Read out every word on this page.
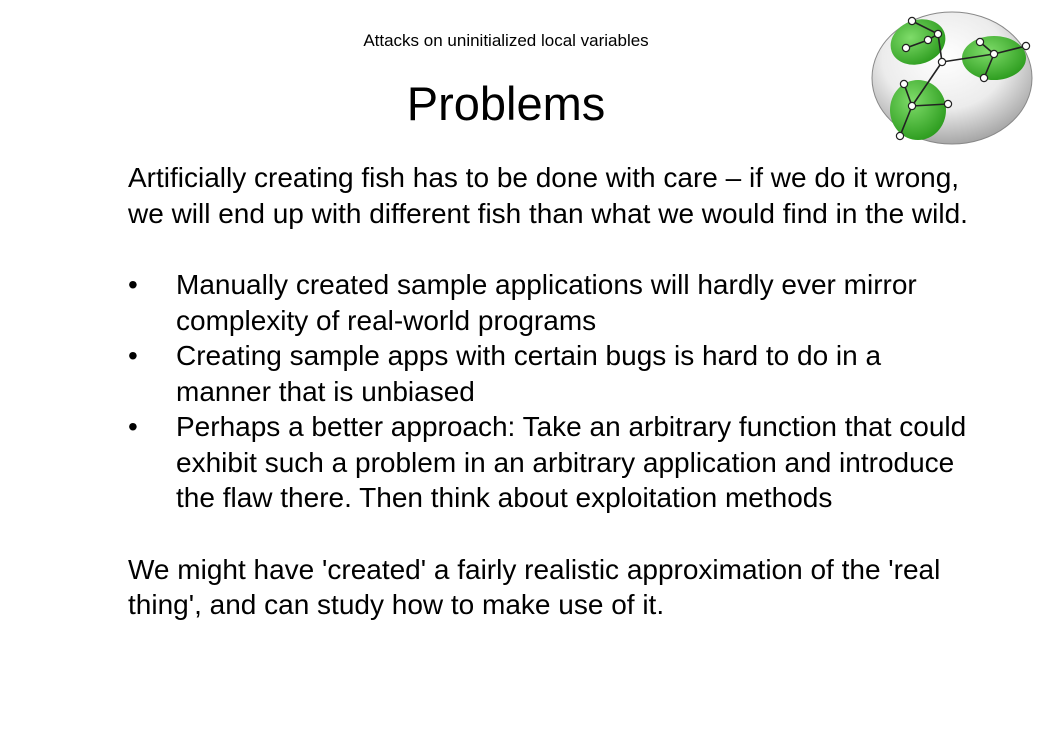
Attacks on uninitialized local variables
Problems

Artificially creating fish has to be done with care – if we do it wrong, we will end up with different fish than what we would find in the wild.

• Manually created sample applications will hardly ever mirror complexity of real-world programs
• Creating sample apps with certain bugs is hard to do in a manner that is unbiased
• Perhaps a better approach: Take an arbitrary function that could exhibit such a problem in an arbitrary application and introduce the flaw there. Then think about exploitation methods

We might have 'created' a fairly realistic approximation of the 'real thing', and can study how to make use of it.
